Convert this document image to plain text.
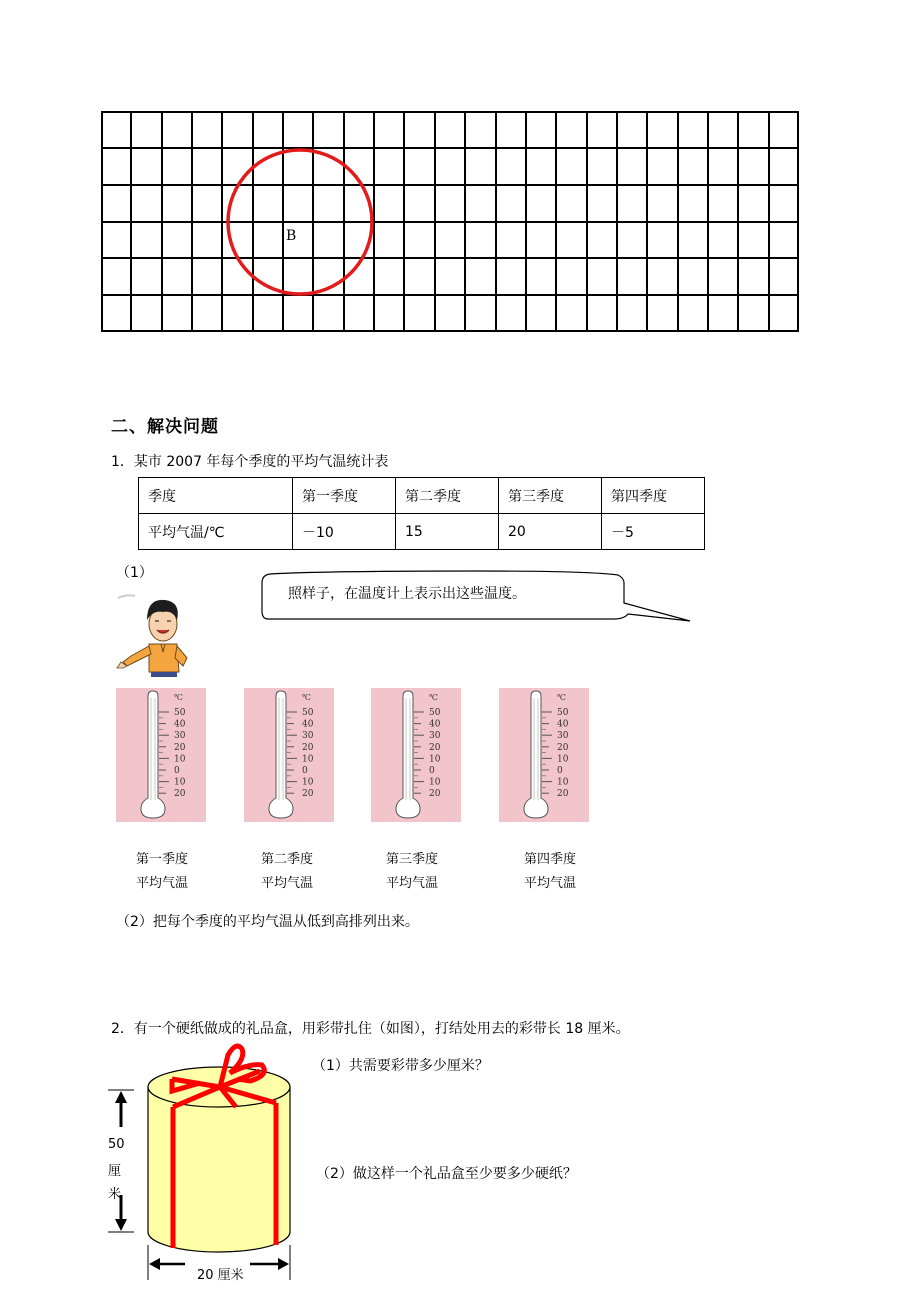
B
二、解决问题
1．某市 2007 年每个季度的平均气温统计表
季度	第一季度	第二季度	第三季度	第四季度
平均气温/℃	－10	15	20	－5
（1）
照样子，在温度计上表示出这些温度。
℃
50
40
30
20
10
0
10
20
℃
50
40
30
20
10
0
10
20
℃
50
40
30
20
10
0
10
20
℃
50
40
30
20
10
0
10
20
第一季度
平均气温
第二季度
平均气温
第三季度
平均气温
第四季度
平均气温
（2）把每个季度的平均气温从低到高排列出来。
2．有一个硬纸做成的礼品盒，用彩带扎住（如图），打结处用去的彩带长 18 厘米。
（1）共需要彩带多少厘米？
（2）做这样一个礼品盒至少要多少硬纸？
50
厘
米
20 厘米
